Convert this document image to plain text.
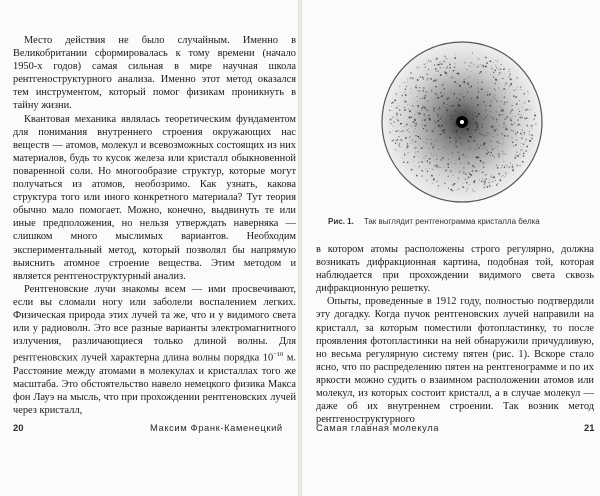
Место действия не было случайным. Именно в Великобритании сформировалась к тому времени (начало 1950-х годов) самая сильная в мире научная школа рентгеноструктурного анализа. Именно этот метод оказался тем инструментом, который помог физикам проникнуть в тайну жизни.

Квантовая механика являлась теоретическим фундаментом для понимания внутреннего строения окружающих нас веществ — атомов, молекул и всевозможных состоящих из них материалов, будь то кусок железа или кристалл обыкновенной поваренной соли. Но многообразие структур, которые могут получаться из атомов, необозримо. Как узнать, какова структура того или иного конкретного материала? Тут теория обычно мало помогает. Можно, конечно, выдвинуть те или иные предположения, но нельзя утверждать наверняка — слишком много мыслимых вариантов. Необходим экспериментальный метод, который позволял бы напрямую выяснить атомное строение вещества. Этим методом и является рентгеноструктурный анализ.

Рентгеновские лучи знакомы всем — ими просвечивают, если вы сломали ногу или заболели воспалением легких. Физическая природа этих лучей та же, что и у видимого света или у радиоволн. Это все разные варианты электромагнитного излучения, различающиеся только длиной волны. Для рентгеновских лучей характерна длина волны порядка $10^{-10}$ м. Расстояние между атомами в молекулах и кристаллах того же масштаба. Это обстоятельство навело немецкого физика Макса фон Лауэ на мысль, что при прохождении рентгеновских лучей через кристалл,

20	Максим Франк-Каменецкий
Рис. 1. Так выглядит рентгенограмма кристалла белка

в котором атомы расположены строго регулярно, должна возникать дифракционная картина, подобная той, которая наблюдается при прохождении видимого света сквозь дифракционную решетку.

Опыты, проведенные в 1912 году, полностью подтвердили эту догадку. Когда пучок рентгеновских лучей направили на кристалл, за которым поместили фотопластинку, то после проявления фотопластинки на ней обнаружили причудливую, но весьма регулярную систему пятен (рис. 1). Вскоре стало ясно, что по распределению пятен на рентгенограмме и по их яркости можно судить о взаимном расположении атомов или молекул, из которых состоит кристалл, а в случае молекул — даже об их внутреннем строении. Так возник метод рентгеноструктурного

Самая главная молекула	21
